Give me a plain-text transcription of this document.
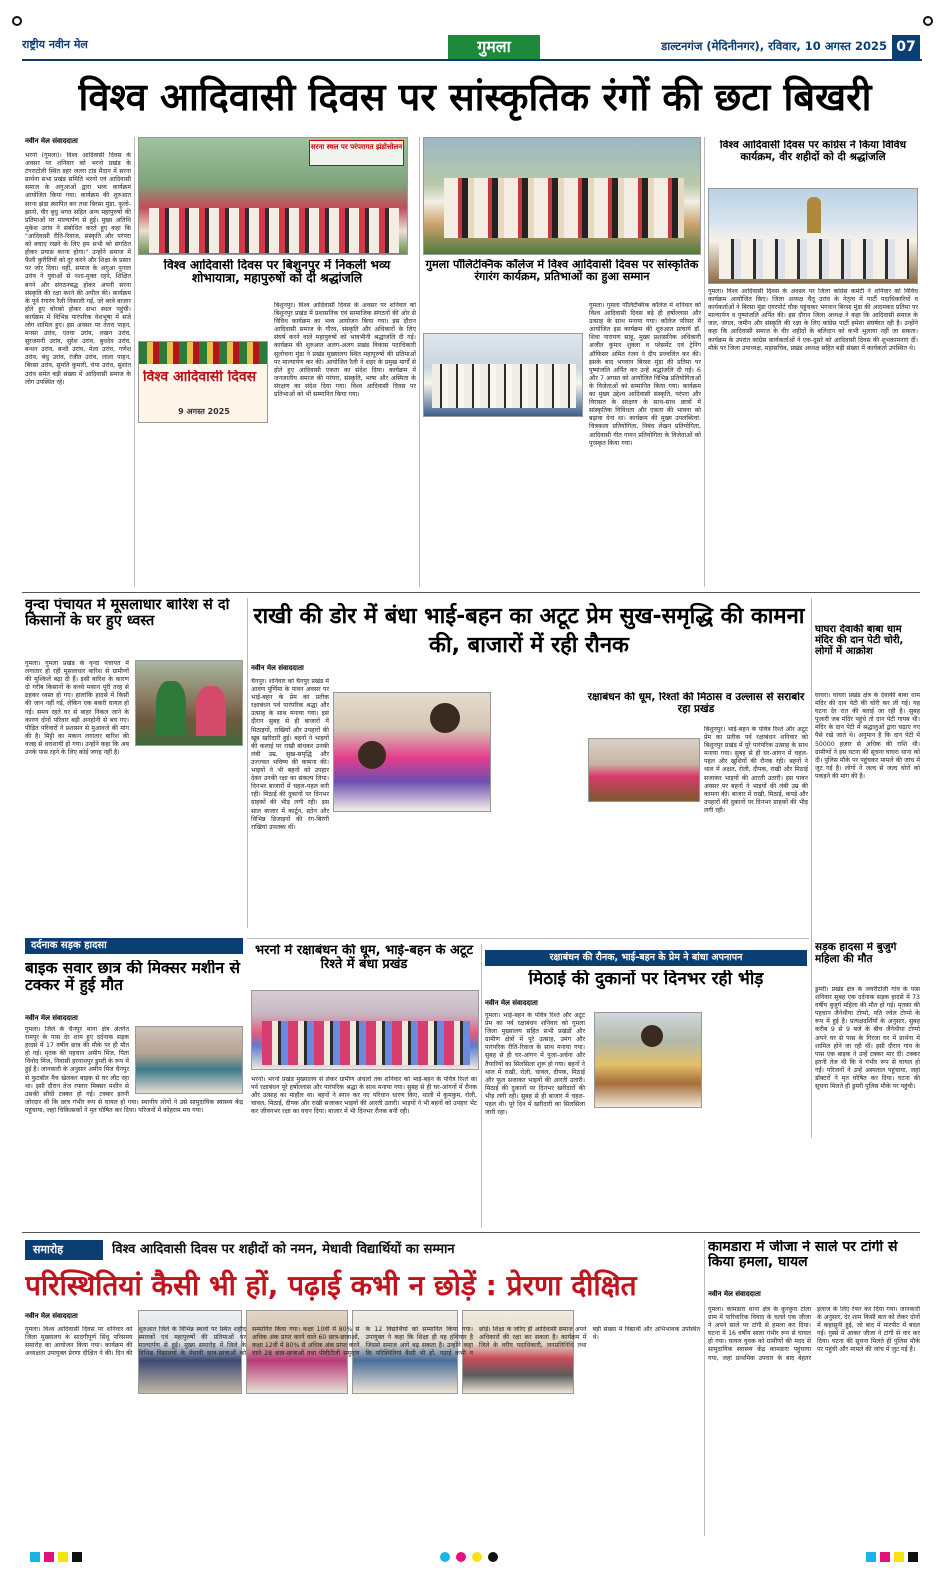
राष्ट्रीय नवीन मेल	गुमला	डाल्टनगंज (मेदिनीनगर), रविवार, 10 अगस्त 2025 07
विश्व आदिवासी दिवस पर सांस्कृतिक रंगों की छटा बिखरी
नवीन मेल संवाददाता
भरनो (गुमला)। विश्व आदिवासी दिवस के अवसर पर शनिवार को भरनो प्रखंड के टंगराटोली स्थित डहर जतरा टांड मैदान में सरना प्रार्थना सभा प्रखंड समिति भरनो एवं आदिवासी समाज के अगुआओं द्वारा भव्य कार्यक्रम आयोजित किया गया। कार्यक्रम की शुरुआत सरना झंडा स्थापित कर तथा बिरसा मुंडा, फूलो-झानो, वीर बुधु भगत सहित अन्य महापुरुषों की प्रतिमाओं पर माल्यार्पण से हुई। मुख्य अतिथि मुकेश उरांव ने संबोधित करते हुए कहा कि "आदिवासी रीति-रिवाज, संस्कृति और परंपरा को बचाए रखने के लिए हम सभी को संगठित होकर प्रयास करना होगा।" उन्होंने समाज में फैली कुरीतियों को दूर करने और शिक्षा के प्रसार पर जोर दिया। वहीं, समाज के अगुआ पुनाल उरांव ने युवाओं से नशा-मुक्त रहने, शिक्षित बनने और संगठनबद्ध होकर अपनी सरना संस्कृति की रक्षा करने की अपील की। कार्यक्रम के पूर्व रंगारंग रैली निकाली गई, जो बरवे बाजार होते हुए बोरको होकर सभा स्थल पहुंची। कार्यक्रम में विभिन्न पारंपरिक वेशभूषा में सजे लोग शामिल हुए। इस अवसर पर तेतरा पाहन, मनसा उरांव, एतवा उरांव, लखन उरांव, सुरजमनी उरांव, सुरेश उरांव, बुधदेव उरांव, बन्धन उरांव, बन्धी उरांव, मेला उरांव, गणेश उरांव, बंधु उरांव, रंजीत उरांव, लाला पाहन, बिरसा उरांव, सुमति कुमारी, चंपा उरांव, सुशांत उरांव समेत बड़ी संख्या में आदिवासी समाज के लोग उपस्थित रहे।
सरना स्थल पर परंपरागत झंडोत्तोलन
विश्व आदिवासी दिवस पर बिशुनपुर में निकली भव्य शोभायात्रा, महापुरुषों को दी श्रद्धांजलि
विश्व आदिवासी दिवस
9 अगस्त 2025
बिशुनपुर। विश्व आदिवासी दिवस के अवसर पर शनिवार को बिशुनपुर प्रखंड में प्रशासनिक एवं सामाजिक संगठनों की ओर से विविध कार्यक्रम का भव्य आयोजन किया गया। इस दौरान आदिवासी समाज के गौरव, संस्कृति और अधिकारों के लिए संघर्ष करने वाले महापुरुषों को भावभीनी श्रद्धांजलि दी गई। कार्यक्रम की शुरुआत अलग-अलग प्रखंड विकास पदाधिकारी सुलोचना मुंडा ने प्रखंड मुख्यालय स्थित महापुरुषों की प्रतिमाओं पर माल्यार्पण कर की। आयोजित रैली ने शहर के प्रमुख मार्गों से होते हुए आदिवासी एकता का संदेश दिया। कार्यक्रम में जनजातीय समाज की परंपरा, संस्कृति, भाषा और अस्मिता के संरक्षण का संदेश दिया गया। विश्व आदिवासी दिवस पर प्रतिभाओं को भी सम्मानित किया गया।
गुमला पॉलिटेक्निक कॉलेज में विश्व आदिवासी दिवस पर सांस्कृतिक रंगारंग कार्यक्रम, प्रतिभाओं का हुआ सम्मान
गुमला। गुमला पॉलिटेक्निक कॉलेज में शनिवार को विश्व आदिवासी दिवस बड़े ही हर्षोल्लास और उत्साह के साथ मनाया गया। कॉलेज परिसर में आयोजित इस कार्यक्रम की शुरुआत प्राचार्य डॉ. शिवा नारायण साहू, मुख्य प्रशासनिक अधिकारी अजीत कुमार शुक्ला व प्लेसमेंट एवं ट्रेनिंग ऑफिसर अमित रंजन ने दीप प्रज्वलित कर की। इसके बाद भगवान बिरसा मुंडा की प्रतिमा पर पुष्पांजलि अर्पित कर उन्हें श्रद्धांजलि दी गई। 6 और 7 अगस्त को आयोजित विभिन्न प्रतियोगिताओं के विजेताओं को सम्मानित किया गया। कार्यक्रम का मुख्य उद्देश्य आदिवासी संस्कृति, परंपरा और विरासत के संरक्षण के साथ-साथ छात्रों में सांस्कृतिक विविधता और एकता की भावना को बढ़ावा देना था। कार्यक्रम की मुख्य उपलब्धियां: चित्रकला प्रतियोगिता, निबंध लेखन प्रतियोगिता, आदिवासी गीत गायन प्रतियोगिता के विजेताओं को पुरस्कृत किया गया।
विश्व आदिवासी दिवस पर कांग्रेस ने किया विविध कार्यक्रम, वीर शहीदों को दी श्रद्धांजलि
गुमला। विश्व आदिवासी दिवस के अवसर पर जिला कांग्रेस कमेटी ने शनिवार को विविध कार्यक्रम आयोजित किए। जिला अध्यक्ष चैतू उरांव के नेतृत्व में पार्टी पदाधिकारियों व कार्यकर्ताओं ने बिरसा मुंडा एयरपोर्ट चौक पहुंचकर भगवान बिरसा मुंडा की आदमकद प्रतिमा पर माल्यार्पण व पुष्पांजलि अर्पित की। इस दौरान जिला अध्यक्ष ने कहा कि आदिवासी समाज के जल, जंगल, जमीन और संस्कृति की रक्षा के लिए कांग्रेस पार्टी हमेशा संघर्षरत रही है। उन्होंने कहा कि आदिवासी समाज के वीर शहीदों के बलिदान को कभी भुलाया नहीं जा सकता। कार्यक्रम के उपरांत कांग्रेस कार्यकर्ताओं ने एक-दूसरे को आदिवासी दिवस की शुभकामनाएं दीं। मौके पर जिला उपाध्यक्ष, महासचिव, प्रखंड अध्यक्ष सहित बड़ी संख्या में कार्यकर्ता उपस्थित थे।
वृन्दा पंचायत में मूसलाधार बारिश से दो किसानों के घर हुए ध्वस्त
गुमला। गुमला प्रखंड के वृन्दा पंचायत में लगातार हो रही मूसलाधार बारिश से ग्रामीणों की मुश्किलें बढ़ा दी हैं। इसी बारिश के कारण दो गरीब किसानों के कच्चे मकान पूरी तरह से ढहकर ध्वस्त हो गए। हालांकि हादसे में किसी की जान नहीं गई, लेकिन एक बकरी घायल हो गई। समय रहते घर से बाहर निकल जाने के कारण दोनों परिवार बड़ी अनहोनी से बच गए। पीड़ित परिवारों ने प्रशासन से मुआवजे की मांग की है। मिट्टी का मकान लगातार बारिश की वजह से धराशायी हो गया। उन्होंने कहा कि अब उनके पास रहने के लिए कोई जगह नहीं है।
दर्दनाक सड़क हादसा
बाइक सवार छात्र की मिक्सर मशीन से टक्कर में हुई मौत
नवीन मेल संवाददाता
गुमला। जिले के चैनपुर थाना क्षेत्र अंतर्गत रामपुर के पास देर शाम हुए दर्दनाक सड़क हादसे में 17 वर्षीय छात्र की मौके पर ही मौत हो गई। मृतक की पहचान अमीप मिंज, पिता विनोद मिंज, निवासी हरनाथपुर डुमरी के रूप में हुई है। जानकारी के अनुसार अमीप मिंज चैनपुर से फुटबॉल मैच खेलकर बाइक से घर लौट रहा था। इसी दौरान तेज रफ्तार मिक्सर मशीन से उसकी सीधी टक्कर हो गई। टक्कर इतनी जोरदार थी कि छात्र गंभीर रूप से घायल हो गया। स्थानीय लोगों ने उसे सामुदायिक स्वास्थ्य केंद्र पहुंचाया, जहां चिकित्सकों ने मृत घोषित कर दिया। परिजनों में कोहराम मच गया।
राखी की डोर में बंधा भाई-बहन का अटूट प्रेम सुख-समृद्धि की कामना की, बाजारों में रही रौनक
नवीन मेल संवाददाता
चैनपुर। शनिवार को चैनपुर प्रखंड में आवण पूर्णिमा के पावन अवसर पर भाई-बहन के प्रेम का प्रतीक रक्षाबंधन पर्व पारंपरिक श्रद्धा और उत्साह के साथ मनाया गया। इस दौरान सुबह से ही बाजारों में मिठाइयों, राखियों और उपहारों की खूब खरीदारी हुई। बहनों ने भाइयों की कलाई पर राखी बांधकर उनकी लंबी उम्र, सुख-समृद्धि और उज्ज्वल भविष्य की कामना की। भाइयों ने भी बहनों को उपहार देकर उनकी रक्षा का संकल्प लिया। दिनभर बाजारों में चहल-पहल बनी रही। मिठाई की दुकानों पर दिनभर ग्राहकों की भीड़ लगी रही। इस साल बाजार में कार्टून, स्टोन और विभिन्न डिजाइनों की रंग-बिरंगी राखियां उपलब्ध थीं।
रक्षाबंधन की धूम, रिश्तों की मिठास व उल्लास से सराबोर रहा प्रखंड
बिशुनपुर। भाई-बहन के पवित्र रिश्ते और अटूट प्रेम का प्रतीक पर्व रक्षाबंधन शनिवार को बिशुनपुर प्रखंड में पूरे पारंपरिक उत्साह के साथ मनाया गया। सुबह से ही घर-आंगन में चहल-पहल और खुशियों की रौनक रही। बहनों ने थाल में अक्षत, रोली, दीपक, राखी और मिठाई सजाकर भाइयों की आरती उतारी। इस पावन अवसर पर बहनों ने भाइयों की लंबी उम्र की कामना की। बाजार में राखी, मिठाई, कपड़े और उपहारों की दुकानों पर दिनभर ग्राहकों की भीड़ लगी रही।
घाघरा देवाकी बाबा धाम मंदिर की दान पेटी चोरी, लोगों में आक्रोश
घाघरा। घाघरा प्रखंड क्षेत्र के देवाकी बाबा धाम मंदिर की दान पेटी की चोरी कर ली गई। यह घटना देर रात की बताई जा रही है। सुबह पुजारी जब मंदिर पहुंचे तो दान पेटी गायब थी। मंदिर के दान पेटी में श्रद्धालुओं द्वारा चढ़ाए गए पैसे रखे जाते थे। अनुमान है कि दान पेटी में 50000 हजार से अधिक की राशि थी। ग्रामीणों ने इस घटना की सूचना घाघरा थाना को दी। पुलिस मौके पर पहुंचकर मामले की जांच में जुट गई है। लोगों ने जल्द से जल्द चोरों को पकड़ने की मांग की है।
भरनो में रक्षाबंधन की धूम, भाई-बहन के अटूट रिश्ते में बंधा प्रखंड
भरनो। भरनो प्रखंड मुख्यालय से लेकर ग्रामीण अंचलों तक शनिवार को भाई-बहन के पवित्र रिश्ते का पर्व रक्षाबंधन पूरे हर्षोल्लास और पारंपरिक श्रद्धा के साथ मनाया गया। सुबह से ही घर-आंगनों में रौनक और उत्साह का माहौल था। बहनों ने स्नान कर नए परिधान धारण किए, थाली में कुमकुम, रोली, चावल, मिठाई, दीपक और राखी सजाकर भाइयों की आरती उतारी। भाइयों ने भी बहनों को उपहार भेंट कर जीवनभर रक्षा का वचन दिया। बाजार में भी दिनभर रौनक बनी रही।
रक्षाबंधन की रौनक, भाई-बहन के प्रेम ने बांधा अपनापन
मिठाई की दुकानों पर दिनभर रही भीड़
नवीन मेल संवाददाता
गुमला। भाई-बहन के पवित्र रिश्ते और अटूट प्रेम का पर्व रक्षाबंधन शनिवार को गुमला जिला मुख्यालय सहित सभी प्रखंडों और ग्रामीण क्षेत्रों में पूरे उत्साह, उमंग और पारंपरिक रीति-रिवाज के साथ मनाया गया। सुबह से ही घर-आंगन में पूजा-अर्चना और तैयारियों का सिलसिला शुरू हो गया। बहनों ने थाल में राखी, रोली, चावल, दीपक, मिठाई और फूल सजाकर भाइयों की आरती उतारी। मिठाई की दुकानों पर दिनभर खरीदारों की भीड़ लगी रही। सुबह से ही बाजार में चहल-पहल थी। पूरे दिन में खरीदारी का सिलसिला जारी रहा।
सड़क हादसा में बुजुर्ग महिला की मौत
डुमरी। प्रखंड क्षेत्र के जयरीटोली गांव के पास शनिवार सुबह एक दर्दनाक सड़क हादसे में 73 वर्षीय बुजुर्ग महिला की मौत हो गई। मृतका की पहचान जैनेथीया टोप्पो, पति ज्वेल टोप्पो के रूप में हुई है। प्रत्यक्षदर्शियों के अनुसार, सुबह करीब 9 से 9 बजे के बीच जैनेथीया टोप्पो अपने घर से पास के गिरजा घर में प्रार्थना में शामिल होने जा रही थीं। इसी दौरान गांव के पास एक बाइक ने उन्हें टक्कर मार दी। टक्कर इतनी तेज थी कि वे गंभीर रूप से घायल हो गईं। परिजनों ने उन्हें अस्पताल पहुंचाया, जहां डॉक्टरों ने मृत घोषित कर दिया। घटना की सूचना मिलते ही डुमरी पुलिस मौके पर पहुंची।
समारोह	विश्व आदिवासी दिवस पर शहीदों को नमन, मेधावी विद्यार्थियों का सम्मान
परिस्थितियां कैसी भी हों, पढ़ाई कभी न छोड़ें : प्रेरणा दीक्षित
नवीन मेल संवाददाता
गुमला। विश्व आदिवासी दिवस पर शनिवार को जिला मुख्यालय के सादगीपूर्ण सिंधु परिसमय समारोह का आयोजन किया गया। कार्यक्रम की अध्यक्षता उपायुक्त प्रेरणा दीक्षित ने की। दिन की शुरुआत जिले के विभिन्न स्थलों पर स्थित शहीद स्मारकों एवं महापुरुषों की प्रतिमाओं पर माल्यार्पण से हुई। मुख्य समारोह में जिले के विभिन्न विद्यालयों के मेधावी छात्र-छात्राओं को सम्मानित किया गया। कक्षा 10वीं में 80% से अधिक अंक प्राप्त करने वाले 60 छात्र-छात्राओं, कक्षा 12वीं में 80% से अधिक अंक प्राप्त करने वाले 28 छात्र-छात्राओं तथा पीवीटीजी समुदाय के 12 विद्यार्थियों को सम्मानित किया गया। उपायुक्त ने कहा कि शिक्षा ही वह हथियार है जिससे समाज आगे बढ़ सकता है। उन्होंने कहा कि परिस्थितियां कैसी भी हों, पढ़ाई कभी न छोड़ें। शिक्षा के जरिए ही आदिवासी समाज अपने अधिकारों की रक्षा कर सकता है। कार्यक्रम में जिले के वरीय पदाधिकारी, जनप्रतिनिधि तथा बड़ी संख्या में विद्यार्थी और अभिभावक उपस्थित थे।
कामडारा में जीजा ने साले पर टांगी से किया हमला, घायल
नवीन मेल संवाददाता
गुमला। कामडारा थाना क्षेत्र के कुरकुरा टोला ग्राम में पारिवारिक विवाद के चलते एक जीजा ने अपने साले पर टांगी से हमला कर दिया। घटना में 16 वर्षीय साला गंभीर रूप से घायल हो गया। घायल युवक को ग्रामीणों की मदद से सामुदायिक स्वास्थ्य केंद्र कामडारा पहुंचाया गया, जहां प्राथमिक उपचार के बाद बेहतर इलाज के लिए रेफर कर दिया गया। जानकारी के अनुसार, देर शाम किसी बात को लेकर दोनों में कहासुनी हुई, जो बाद में मारपीट में बदल गई। गुस्से में आकर जीजा ने टांगी से वार कर दिया। घटना की सूचना मिलते ही पुलिस मौके पर पहुंची और मामले की जांच में जुट गई है।
